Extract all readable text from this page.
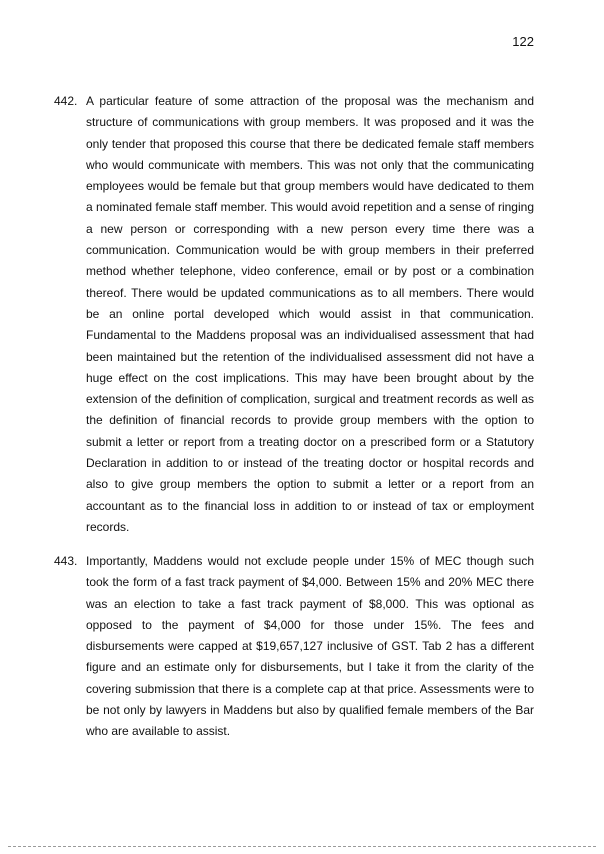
122
442. A particular feature of some attraction of the proposal was the mechanism and structure of communications with group members. It was proposed and it was the only tender that proposed this course that there be dedicated female staff members who would communicate with members. This was not only that the communicating employees would be female but that group members would have dedicated to them a nominated female staff member. This would avoid repetition and a sense of ringing a new person or corresponding with a new person every time there was a communication. Communication would be with group members in their preferred method whether telephone, video conference, email or by post or a combination thereof. There would be updated communications as to all members. There would be an online portal developed which would assist in that communication. Fundamental to the Maddens proposal was an individualised assessment that had been maintained but the retention of the individualised assessment did not have a huge effect on the cost implications. This may have been brought about by the extension of the definition of complication, surgical and treatment records as well as the definition of financial records to provide group members with the option to submit a letter or report from a treating doctor on a prescribed form or a Statutory Declaration in addition to or instead of the treating doctor or hospital records and also to give group members the option to submit a letter or a report from an accountant as to the financial loss in addition to or instead of tax or employment records.
443. Importantly, Maddens would not exclude people under 15% of MEC though such took the form of a fast track payment of $4,000. Between 15% and 20% MEC there was an election to take a fast track payment of $8,000. This was optional as opposed to the payment of $4,000 for those under 15%. The fees and disbursements were capped at $19,657,127 inclusive of GST. Tab 2 has a different figure and an estimate only for disbursements, but I take it from the clarity of the covering submission that there is a complete cap at that price. Assessments were to be not only by lawyers in Maddens but also by qualified female members of the Bar who are available to assist.
